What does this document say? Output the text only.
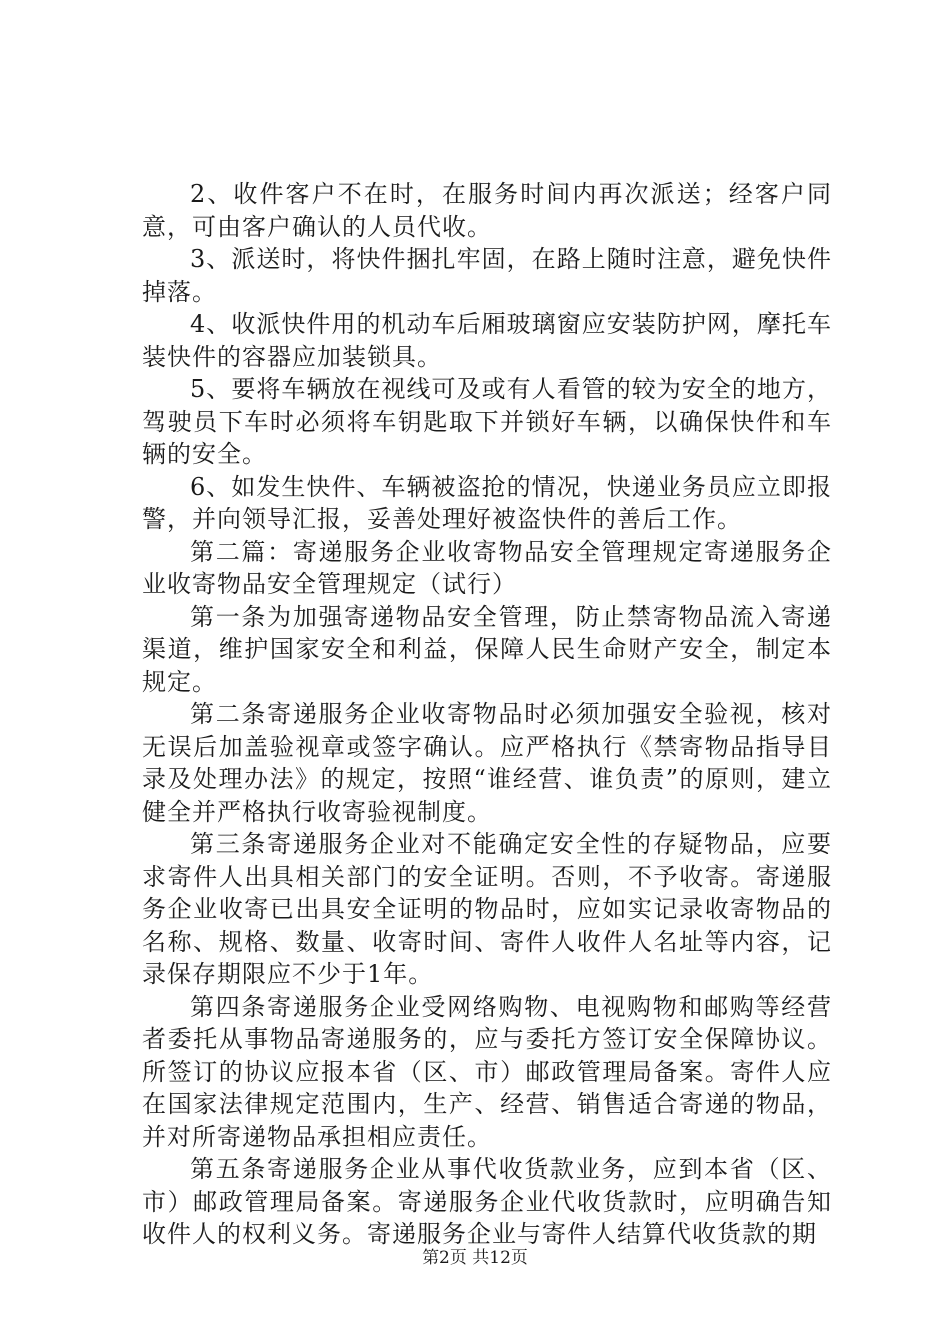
2、收件客户不在时，在服务时间内再次派送；经客户同意，可由客户确认的人员代收。

3、派送时，将快件捆扎牢固，在路上随时注意，避免快件掉落。

4、收派快件用的机动车后厢玻璃窗应安装防护网，摩托车装快件的容器应加装锁具。

5、要将车辆放在视线可及或有人看管的较为安全的地方，驾驶员下车时必须将车钥匙取下并锁好车辆，以确保快件和车辆的安全。

6、如发生快件、车辆被盗抢的情况，快递业务员应立即报警，并向领导汇报，妥善处理好被盗快件的善后工作。

第二篇：寄递服务企业收寄物品安全管理规定寄递服务企业收寄物品安全管理规定（试行）

第一条为加强寄递物品安全管理，防止禁寄物品流入寄递渠道，维护国家安全和利益，保障人民生命财产安全，制定本规定。

第二条寄递服务企业收寄物品时必须加强安全验视，核对无误后加盖验视章或签字确认。应严格执行《禁寄物品指导目录及处理办法》的规定，按照“谁经营、谁负责”的原则，建立健全并严格执行收寄验视制度。

第三条寄递服务企业对不能确定安全性的存疑物品，应要求寄件人出具相关部门的安全证明。否则，不予收寄。寄递服务企业收寄已出具安全证明的物品时，应如实记录收寄物品的名称、规格、数量、收寄时间、寄件人收件人名址等内容，记录保存期限应不少于1年。

第四条寄递服务企业受网络购物、电视购物和邮购等经营者委托从事物品寄递服务的，应与委托方签订安全保障协议。所签订的协议应报本省（区、市）邮政管理局备案。寄件人应在国家法律规定范围内，生产、经营、销售适合寄递的物品，并对所寄递物品承担相应责任。

第五条寄递服务企业从事代收货款业务，应到本省（区、市）邮政管理局备案。寄递服务企业代收货款时，应明确告知收件人的权利义务。寄递服务企业与寄件人结算代收货款的期

第2页 共12页
